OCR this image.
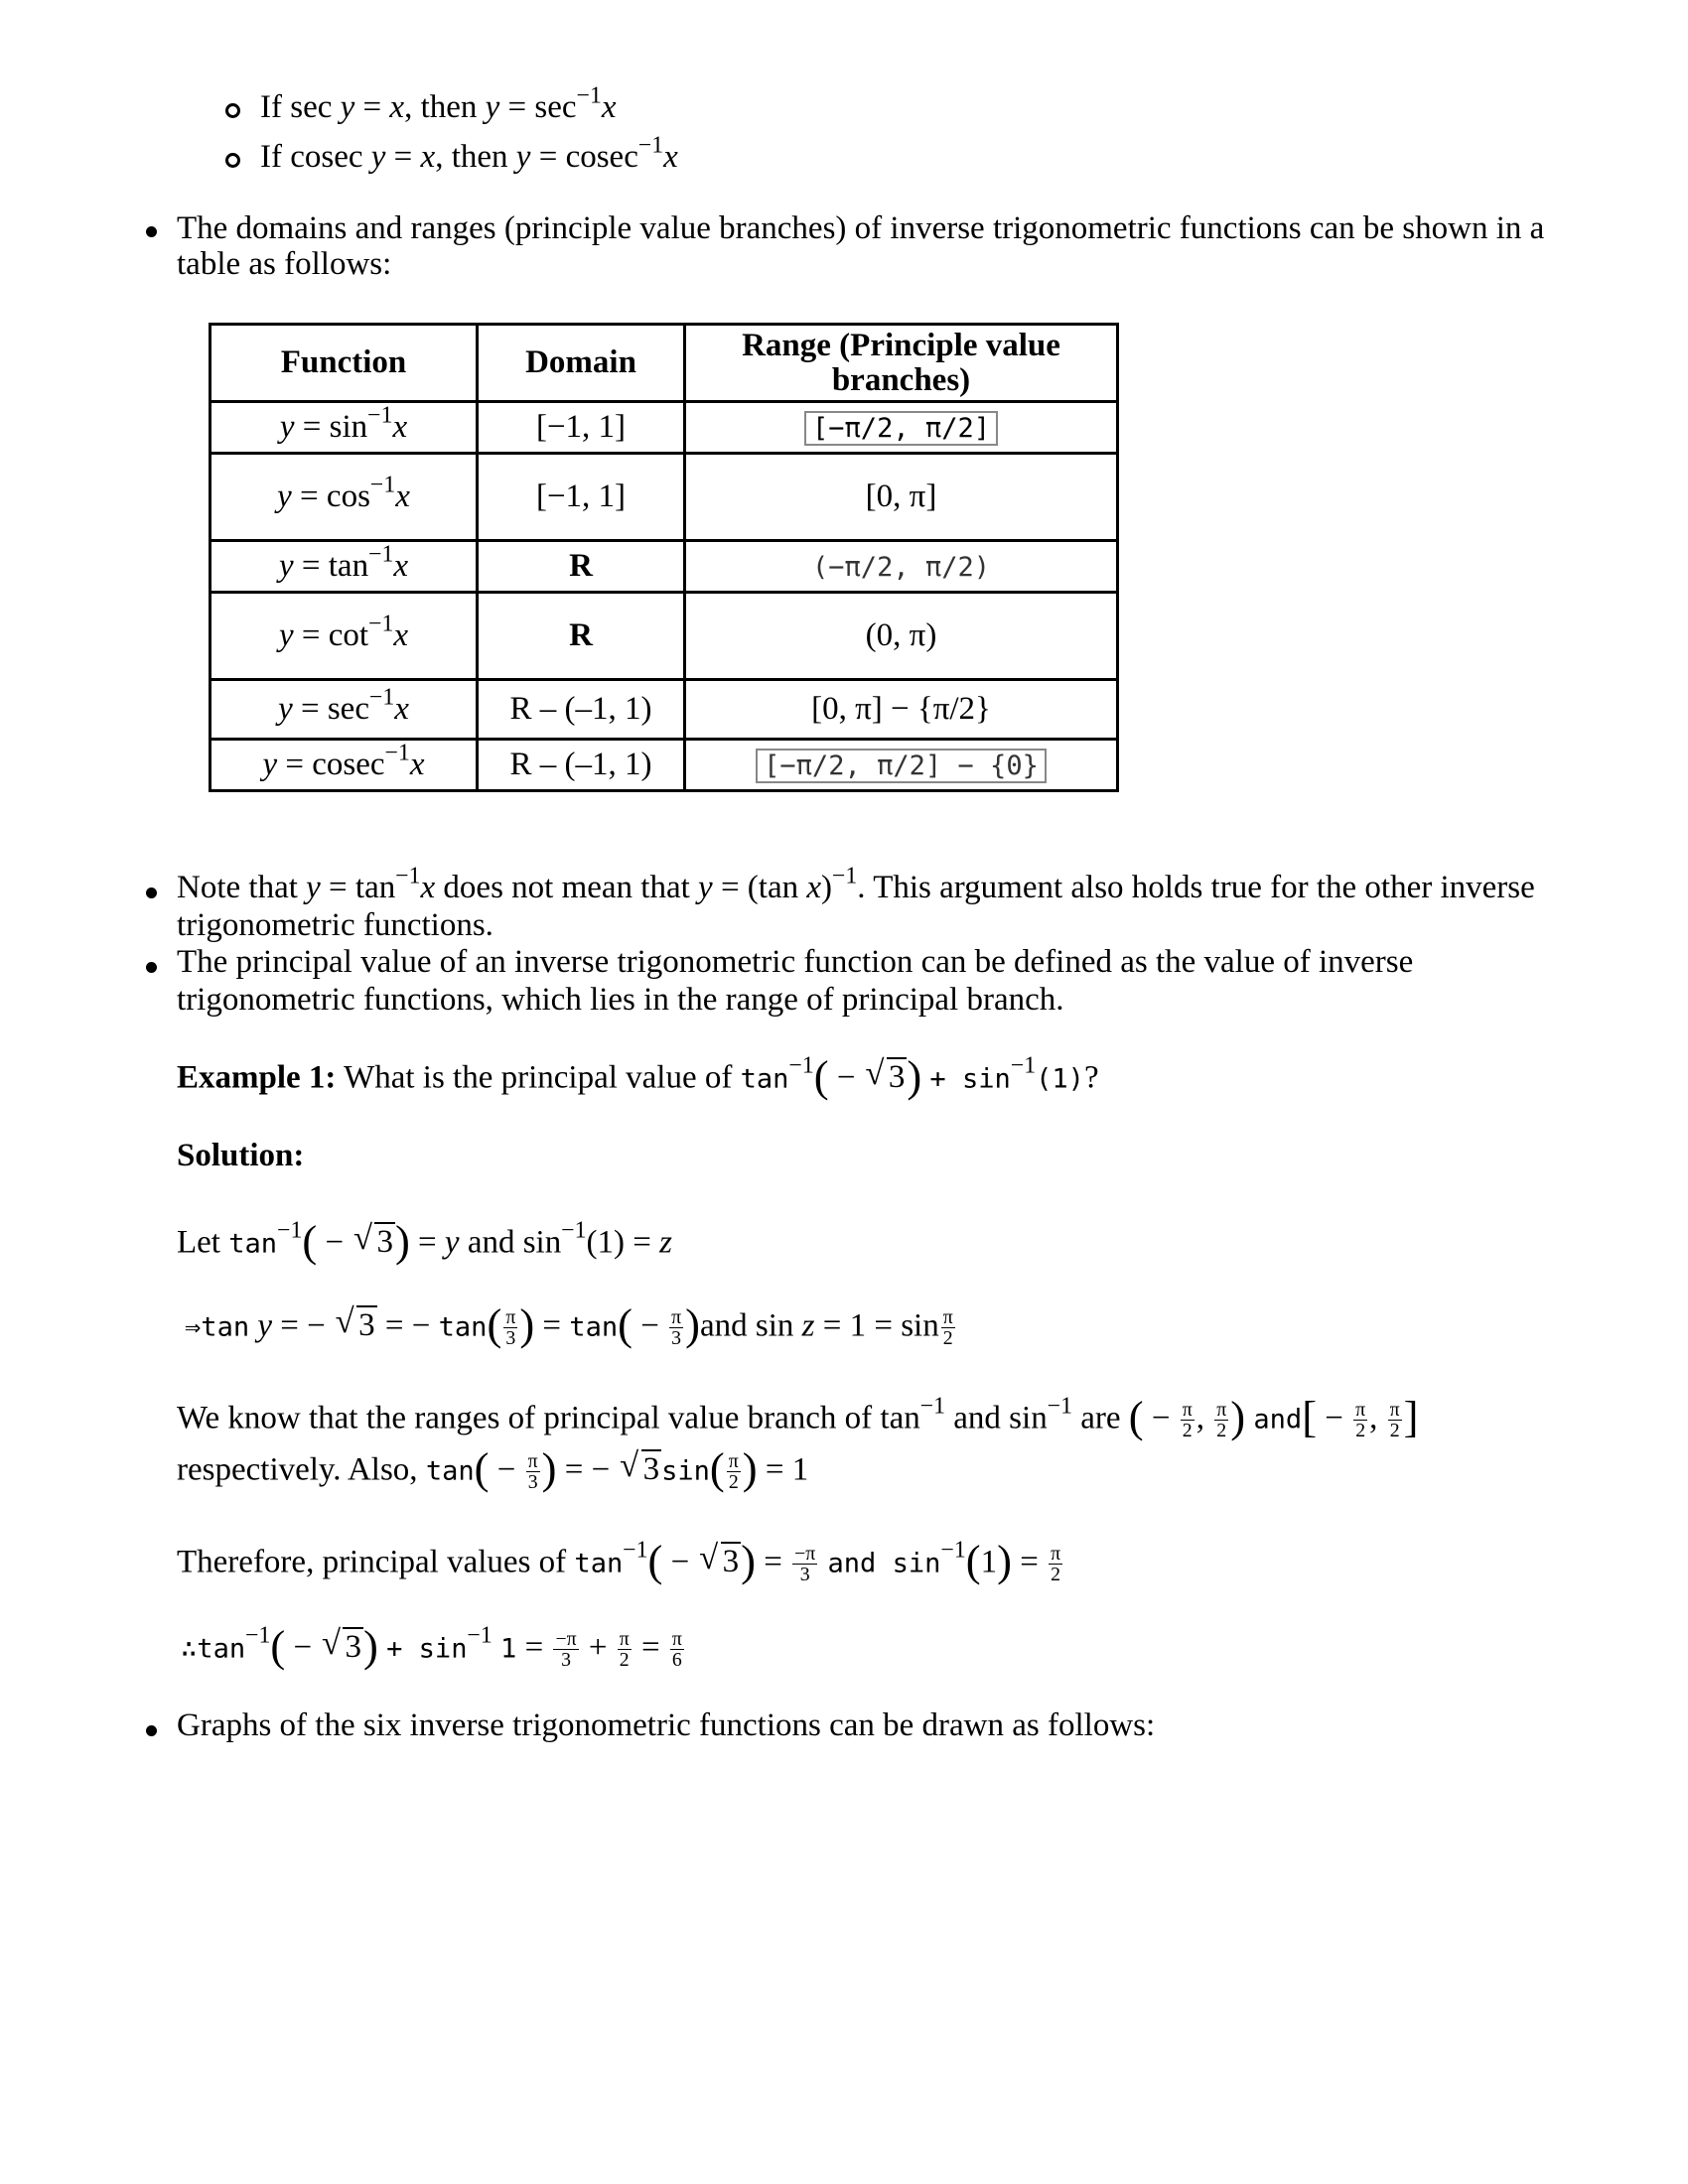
If sec y = x, then $y = \sec^{-1}x$
If cosec y = x, then y = cosec$^{-1}$x
The domains and ranges (principle value branches) of inverse trigonometric functions can be shown in a table as follows:
Function	Domain	Range (Principle value branches)
$y = \sin^{-1}x$	[−1, 1]	[−π/2, π/2]
$y = \cos^{-1}x$	[−1, 1]	[0, π]
$y = \tan^{-1}x$	R	(−π/2, π/2)
$y = \cot^{-1}x$	R	(0, π)
$y = \sec^{-1}x$	R – (–1, 1)	[0, π] − {π/2}
y = cosec$^{-1}$x	R – (–1, 1)	[−π/2, π/2] − {0}
Note that $y = \tan^{-1}x$ does not mean that y = (tan x)$^{-1}$. This argument also holds true for the other inverse
trigonometric functions.
The principal value of an inverse trigonometric function can be defined as the value of inverse
trigonometric functions, which lies in the range of principal branch.
Example 1: What is the principal value of $\tan^{-1}$( − √ $3) + \sin^{-1}(1)$?
Solution:
Let $\tan^{-1}$( − √ 3) = y and $\sin^{-1}(1) = z$
⇒tan y = − √ 3 = − $\tan( \frac{\pi}{3}$ ) = $\tan( - \frac{\pi}{3} )and$ $\sin z = 1 = \sin \frac{\pi}{2}$
We know that the ranges of principal value branch of $\tan^{-1}$ and $\sin^{-1}$ are ( − $\frac{\pi}{2}$ , $\frac{\pi}{2}$ ) $and[ - \frac{\pi}{2}$ , $\frac{\pi}{2}$ ]
respectively. Also, $\tan( - \frac{\pi}{3}$ ) = − √ $3\sin( \frac{\pi}{2}$ ) = 1
Therefore, principal values of $\tan^{-1}$( − √ $3) = \frac{-\pi}{3}$ and $\sin^{-1}(1) = \frac{\pi}{2}$
$\therefore\tan^{-1}$( − √ $3) + \sin^{-1} 1 = \frac{-\pi}{3} + \frac{\pi}{2} = \frac{\pi}{6}$
Graphs of the six inverse trigonometric functions can be drawn as follows:
